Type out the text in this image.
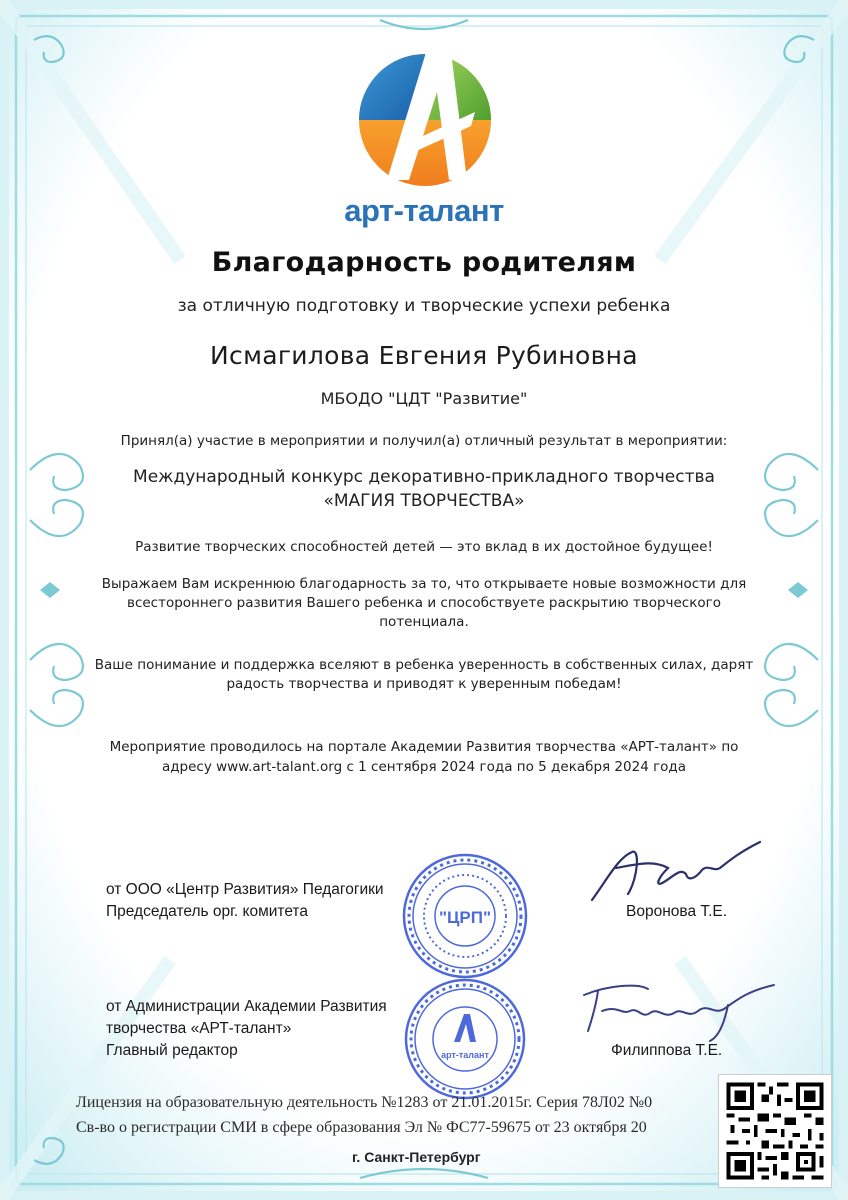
арт-талант
Благодарность родителям
за отличную подготовку и творческие успехи ребенка
Исмагилова Евгения Рубиновна
МБОДО "ЦДТ "Развитие"
Принял(а) участие в мероприятии и получил(а) отличный результат в мероприятии:
Международный конкурс декоративно-прикладного творчества
«МАГИЯ ТВОРЧЕСТВА»
Развитие творческих способностей детей — это вклад в их достойное будущее!
Выражаем Вам искреннюю благодарность за то, что открываете новые возможности для всестороннего развития Вашего ребенка и способствуете раскрытию творческого потенциала.
Ваше понимание и поддержка вселяют в ребенка уверенность в собственных силах, дарят радость творчества и приводят к уверенным победам!
Мероприятие проводилось на портале Академии Развития творчества «АРТ-талант» по адресу www.art-talant.org с 1 сентября 2024 года по 5 декабря 2024 года
от ООО «Центр Развития» Педагогики
Председатель орг. комитета	Воронова Т.Е.
от Администрации Академии Развития
творчества «АРТ-талант»
Главный редактор	Филиппова Т.Е.
"ЦРП"
арт-талант
Лицензия на образовательную деятельность №1283 от 21.01.2015г. Серия 78Л02 №0
Св-во о регистрации СМИ в сфере образования Эл № ФС77-59675 от 23 октября 20
г. Санкт-Петербург
